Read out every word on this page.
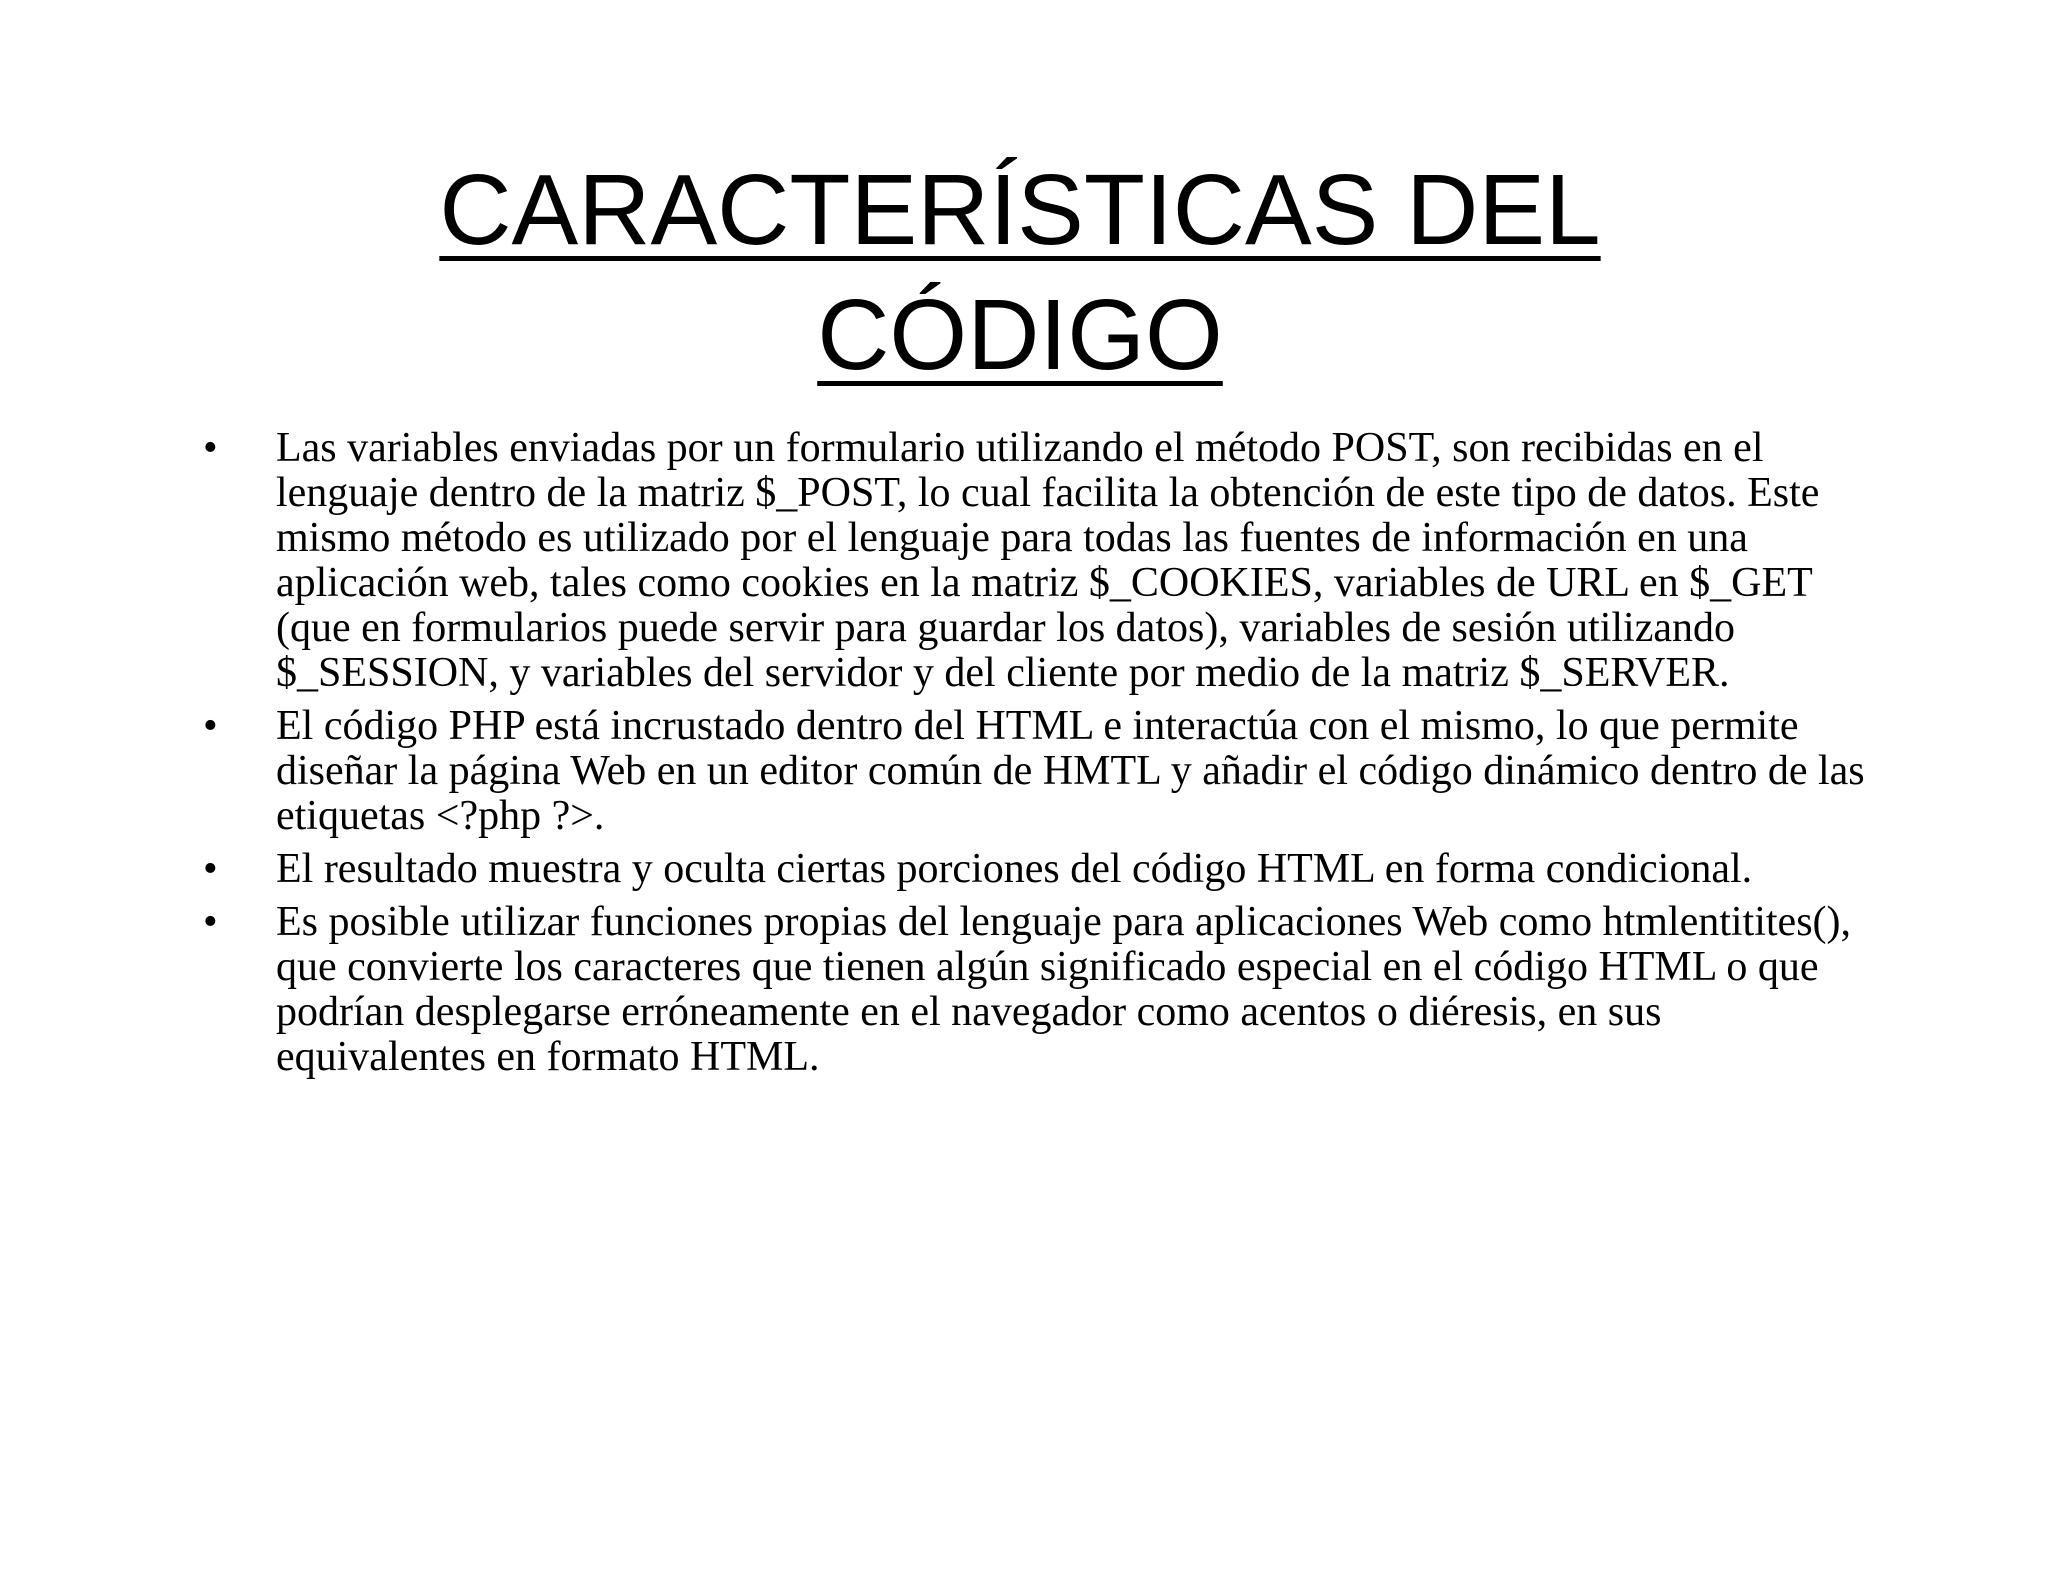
CARACTERÍSTICAS DEL
CÓDIGO
• Las variables enviadas por un formulario utilizando el método POST, son recibidas en el lenguaje dentro de la matriz $_POST, lo cual facilita la obtención de este tipo de datos. Este mismo método es utilizado por el lenguaje para todas las fuentes de información en una aplicación web, tales como cookies en la matriz $_COOKIES, variables de URL en $_GET (que en formularios puede servir para guardar los datos), variables de sesión utilizando $_SESSION, y variables del servidor y del cliente por medio de la matriz $_SERVER.
• El código PHP está incrustado dentro del HTML e interactúa con el mismo, lo que permite diseñar la página Web en un editor común de HMTL y añadir el código dinámico dentro de las etiquetas <?php ?>.
• El resultado muestra y oculta ciertas porciones del código HTML en forma condicional.
• Es posible utilizar funciones propias del lenguaje para aplicaciones Web como htmlentitites(), que convierte los caracteres que tienen algún significado especial en el código HTML o que podrían desplegarse erróneamente en el navegador como acentos o diéresis, en sus equivalentes en formato HTML.
